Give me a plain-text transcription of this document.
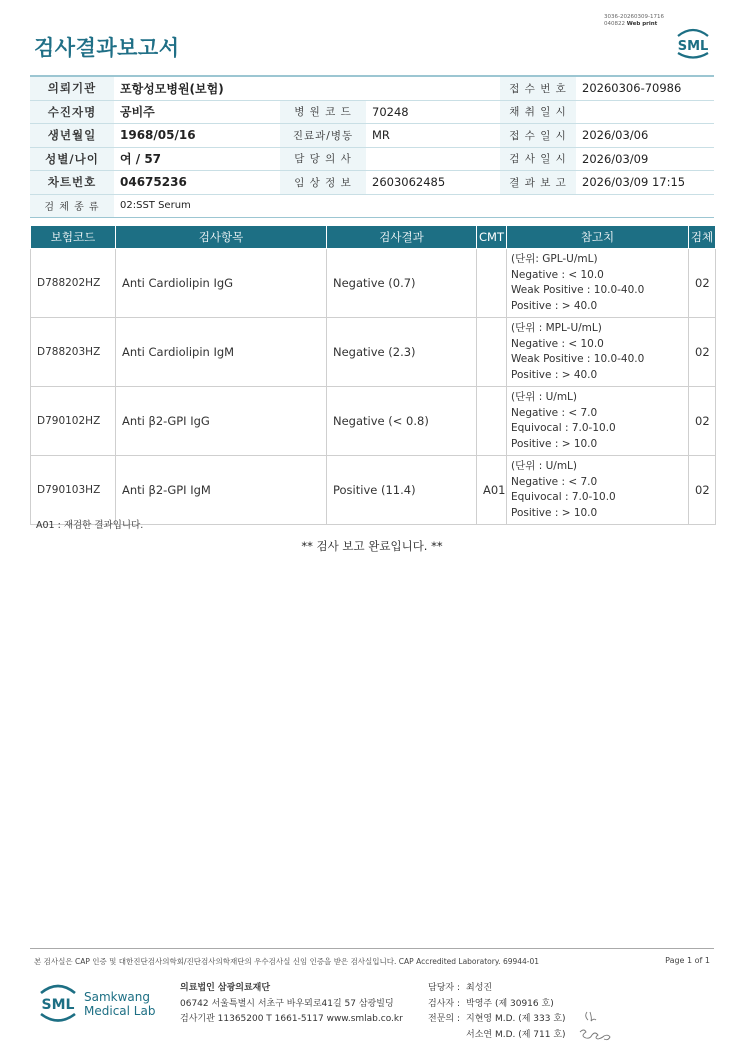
검사결과보고서
3036-20260309-1716
040822 Web print
SML
의뢰기관	포항성모병원(보험)			접 수 번 호	20260306-70986
수진자명	공비주	병 원 코 드	70248	채 취 일 시	
생년월일	1968/05/16	진료과/병동	MR	접 수 일 시	2026/03/06
성별/나이	여 / 57	담 당 의 사		검 사 일 시	2026/03/09
차트번호	04675236	임 상 정 보	2603062485	결 과 보 고	2026/03/09 17:15
검 체 종 류	02:SST Serum				
보험코드	검사항목	검사결과	CMT	참고치	검체
D788202HZ	Anti Cardiolipin IgG	Negative (0.7)		(단위: GPL-U/mL)
Negative : < 10.0
Weak Positive : 10.0-40.0
Positive : > 40.0	02
D788203HZ	Anti Cardiolipin IgM	Negative (2.3)		(단위 : MPL-U/mL)
Negative : < 10.0
Weak Positive : 10.0-40.0
Positive : > 40.0	02
D790102HZ	Anti β2-GPI IgG	Negative (< 0.8)		(단위 : U/mL)
Negative : < 7.0
Equivocal : 7.0-10.0
Positive : > 10.0	02
D790103HZ	Anti β2-GPI IgM	Positive (11.4)	A01	(단위 : U/mL)
Negative : < 7.0
Equivocal : 7.0-10.0
Positive : > 10.0	02
A01 : 재검한 결과입니다.
** 검사 보고 완료입니다. **
본 검사실은 CAP 인증 및 대한진단검사의학회/진단검사의학재단의 우수검사실 신임 인증을 받은 검사실입니다. CAP Accredited Laboratory. 69944-01	Page 1 of 1
SML Samkwang
Medical Lab
의료법인 삼광의료재단
06742 서울특별시 서초구 바우뫼로41길 57 삼광빌딩
검사기관 11365200 T 1661-5117 www.smlab.co.kr
담당자 : 최성진
검사자 : 박영주 (제 30916 호)
전문의 : 지현영 M.D. (제 333 호)
서소연 M.D. (제 711 호)
